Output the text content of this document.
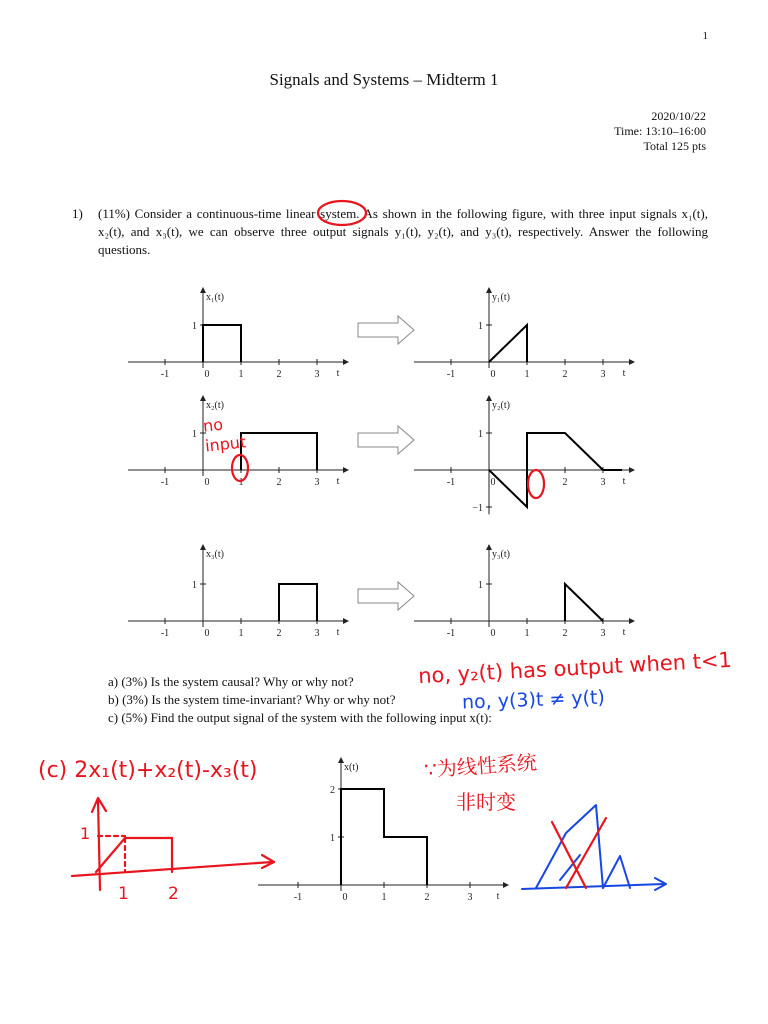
1
Signals and Systems – Midterm 1
2020/10/22
Time: 13:10–16:00
Total 125 pts
1) (11%) Consider a continuous-time linear system. As shown in the following figure, with three input signals x₁(t), x₂(t), and x₃(t), we can observe three output signals y₁(t), y₂(t), and y₃(t), respectively. Answer the following questions.
x₁(t)
t
-1	0	1	2	3
1
y₁(t)
t
-1	0	1	2	3
1
x₂(t)
t
-1	0	1	2	3
1
y₂(t)
t
-1	0	1	2	3
1
−1
x₃(t)
t
-1	0	1	2	3
1
y₃(t)
t
-1	0	1	2	3
1
x(t)
t
-1	0	1	2	3
1
2
no input
no, y₂(t) has output when t<1
no, y(3)t ≠ y(t)
(c) 2x₁(t)+x₂(t)-x₃(t)	∵为线性系统
非时变
1
1 2
a) (3%) Is the system causal? Why or why not?
b) (3%) Is the system time-invariant? Why or why not?
c) (5%) Find the output signal of the system with the following input x(t):
